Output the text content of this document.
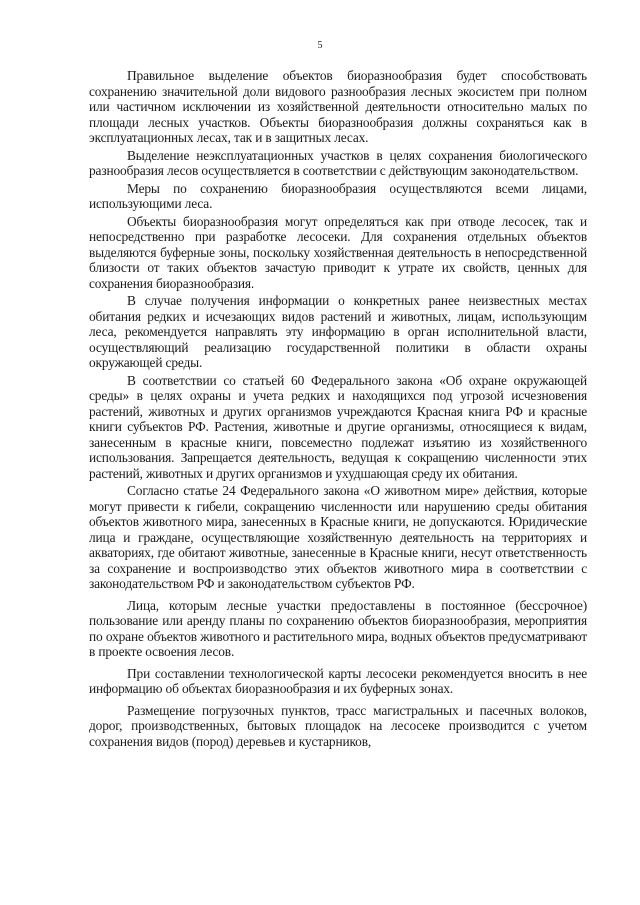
5

Правильное выделение объектов биоразнообразия будет способствовать сохранению значительной доли видового разнообразия лесных экосистем при полном или частичном исключении из хозяйственной деятельности относительно малых по площади лесных участков. Объекты биоразнообразия должны сохраняться как в эксплуатационных лесах, так и в защитных лесах.

Выделение неэксплуатационных участков в целях сохранения биологического разнообразия лесов осуществляется в соответствии с действующим законодательством.

Меры по сохранению биоразнообразия осуществляются всеми лицами, использующими леса.

Объекты биоразнообразия могут определяться как при отводе лесосек, так и непосредственно при разработке лесосеки. Для сохранения отдельных объектов выделяются буферные зоны, поскольку хозяйственная деятельность в непосредственной близости от таких объектов зачастую приводит к утрате их свойств, ценных для сохранения биоразнообразия.

В случае получения информации о конкретных ранее неизвестных местах обитания редких и исчезающих видов растений и животных, лицам, использующим леса, рекомендуется направлять эту информацию в орган исполнительной власти, осуществляющий реализацию государственной политики в области охраны окружающей среды.

В соответствии со статьей 60 Федерального закона «Об охране окружающей среды» в целях охраны и учета редких и находящихся под угрозой исчезновения растений, животных и других организмов учреждаются Красная книга РФ и красные книги субъектов РФ. Растения, животные и другие организмы, относящиеся к видам, занесенным в красные книги, повсеместно подлежат изъятию из хозяйственного использования. Запрещается деятельность, ведущая к сокращению численности этих растений, животных и других организмов и ухудшающая среду их обитания.

Согласно статье 24 Федерального закона «О животном мире» действия, которые могут привести к гибели, сокращению численности или нарушению среды обитания объектов животного мира, занесенных в Красные книги, не допускаются. Юридические лица и граждане, осуществляющие хозяйственную деятельность на территориях и акваториях, где обитают животные, занесенные в Красные книги, несут ответственность за сохранение и воспроизводство этих объектов животного мира в соответствии с законодательством РФ и законодательством субъектов РФ.

Лица, которым лесные участки предоставлены в постоянное (бессрочное) пользование или аренду планы по сохранению объектов биоразнообразия, мероприятия по охране объектов животного и растительного мира, водных объектов предусматривают в проекте освоения лесов.

При составлении технологической карты лесосеки рекомендуется вносить в нее информацию об объектах биоразнообразия и их буферных зонах.

Размещение погрузочных пунктов, трасс магистральных и пасечных волоков, дорог, производственных, бытовых площадок на лесосеке производится с учетом сохранения видов (пород) деревьев и кустарников,
